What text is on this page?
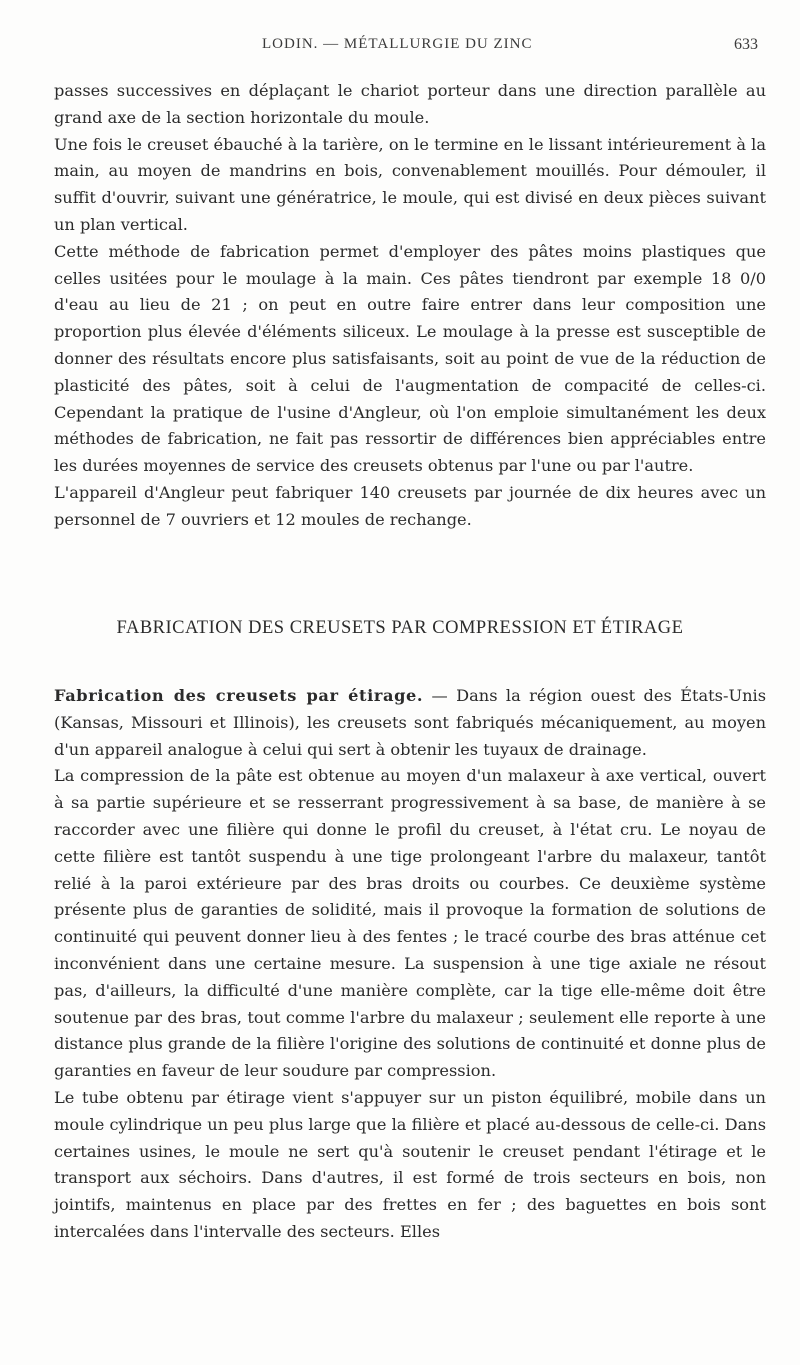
LODIN. — MÉTALLURGIE DU ZINC	633

passes successives en déplaçant le chariot porteur dans une direction parallèle au grand axe de la section horizontale du moule.

Une fois le creuset ébauché à la tarière, on le termine en le lissant intérieurement à la main, au moyen de mandrins en bois, convenablement mouillés. Pour démouler, il suffit d'ouvrir, suivant une génératrice, le moule, qui est divisé en deux pièces suivant un plan vertical.

Cette méthode de fabrication permet d'employer des pâtes moins plastiques que celles usitées pour le moulage à la main. Ces pâtes tiendront par exemple 18 0/0 d'eau au lieu de 21 ; on peut en outre faire entrer dans leur composition une proportion plus élevée d'éléments siliceux. Le moulage à la presse est susceptible de donner des résultats encore plus satisfaisants, soit au point de vue de la réduction de plasticité des pâtes, soit à celui de l'augmentation de compacité de celles-ci. Cependant la pratique de l'usine d'Angleur, où l'on emploie simultanément les deux méthodes de fabrication, ne fait pas ressortir de différences bien appréciables entre les durées moyennes de service des creusets obtenus par l'une ou par l'autre.

L'appareil d'Angleur peut fabriquer 140 creusets par journée de dix heures avec un personnel de 7 ouvriers et 12 moules de rechange.

FABRICATION DES CREUSETS PAR COMPRESSION ET ÉTIRAGE

Fabrication des creusets par étirage. — Dans la région ouest des États-Unis (Kansas, Missouri et Illinois), les creusets sont fabriqués mécaniquement, au moyen d'un appareil analogue à celui qui sert à obtenir les tuyaux de drainage.

La compression de la pâte est obtenue au moyen d'un malaxeur à axe vertical, ouvert à sa partie supérieure et se resserrant progressivement à sa base, de manière à se raccorder avec une filière qui donne le profil du creuset, à l'état cru. Le noyau de cette filière est tantôt suspendu à une tige prolongeant l'arbre du malaxeur, tantôt relié à la paroi extérieure par des bras droits ou courbes. Ce deuxième système présente plus de garanties de solidité, mais il provoque la formation de solutions de continuité qui peuvent donner lieu à des fentes ; le tracé courbe des bras atténue cet inconvénient dans une certaine mesure. La suspension à une tige axiale ne résout pas, d'ailleurs, la difficulté d'une manière complète, car la tige elle-même doit être soutenue par des bras, tout comme l'arbre du malaxeur ; seulement elle reporte à une distance plus grande de la filière l'origine des solutions de continuité et donne plus de garanties en faveur de leur soudure par compression.

Le tube obtenu par étirage vient s'appuyer sur un piston équilibré, mobile dans un moule cylindrique un peu plus large que la filière et placé au-dessous de celle-ci. Dans certaines usines, le moule ne sert qu'à soutenir le creuset pendant l'étirage et le transport aux séchoirs. Dans d'autres, il est formé de trois secteurs en bois, non jointifs, maintenus en place par des frettes en fer ; des baguettes en bois sont intercalées dans l'intervalle des secteurs. Elles
